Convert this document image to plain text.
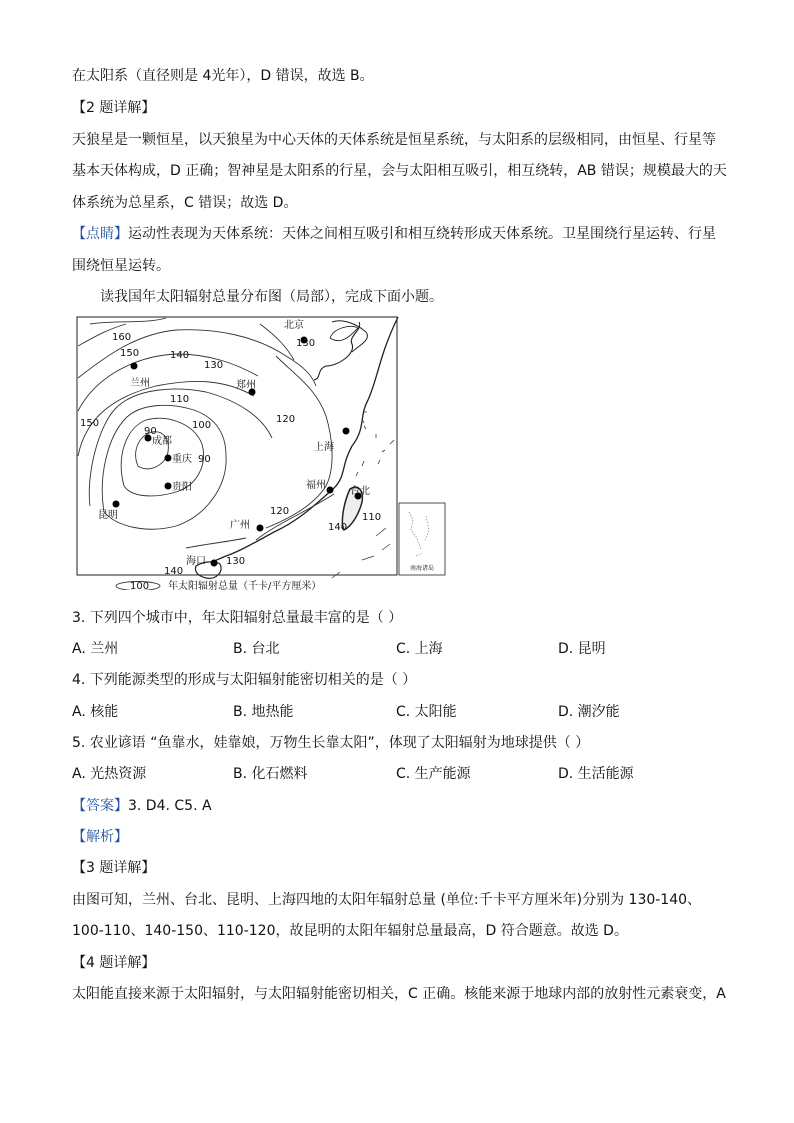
在太阳系（直径则是 4光年），D 错误，故选 B。
【2 题详解】
天狼星是一颗恒星，以天狼星为中心天体的天体系统是恒星系统，与太阳系的层级相同，由恒星、行星等
基本天体构成，D 正确；智神星是太阳系的行星，会与太阳相互吸引，相互绕转，AB 错误；规模最大的天
体系统为总星系，C 错误；故选 D。
【点睛】运动性表现为天体系统：天体之间相互吸引和相互绕转形成天体系统。卫星围绕行星运转、行星
围绕恒星运转。
读我国年太阳辐射总量分布图（局部），完成下面小题。
南海诸岛
北京
兰州	郑州
上海
成都
重庆
贵阳
昆明
福州
台北
广州
海口
160
150	140
130
130
110
100
150
90
90
120
120
140
110
130
140
100 年太阳辐射总量（千卡/平方厘米）
3. 下列四个城市中，年太阳辐射总量最丰富的是（ ）
A. 兰州	B. 台北	C. 上海	D. 昆明
4. 下列能源类型的形成与太阳辐射能密切相关的是（ ）
A. 核能	B. 地热能	C. 太阳能	D. 潮汐能
5. 农业谚语 “鱼靠水，娃靠娘，万物生长靠太阳”，体现了太阳辐射为地球提供（ ）
A. 光热资源	B. 化石燃料	C. 生产能源	D. 生活能源
【答案】3. D4. C5. A
【解析】
【3 题详解】
由图可知，兰州、台北、昆明、上海四地的太阳年辐射总量 (单位:千卡平方厘米年)分别为 130-140、
100-110、140-150、110-120，故昆明的太阳年辐射总量最高，D 符合题意。故选 D。
【4 题详解】
太阳能直接来源于太阳辐射，与太阳辐射能密切相关，C 正确。核能来源于地球内部的放射性元素衰变，A
